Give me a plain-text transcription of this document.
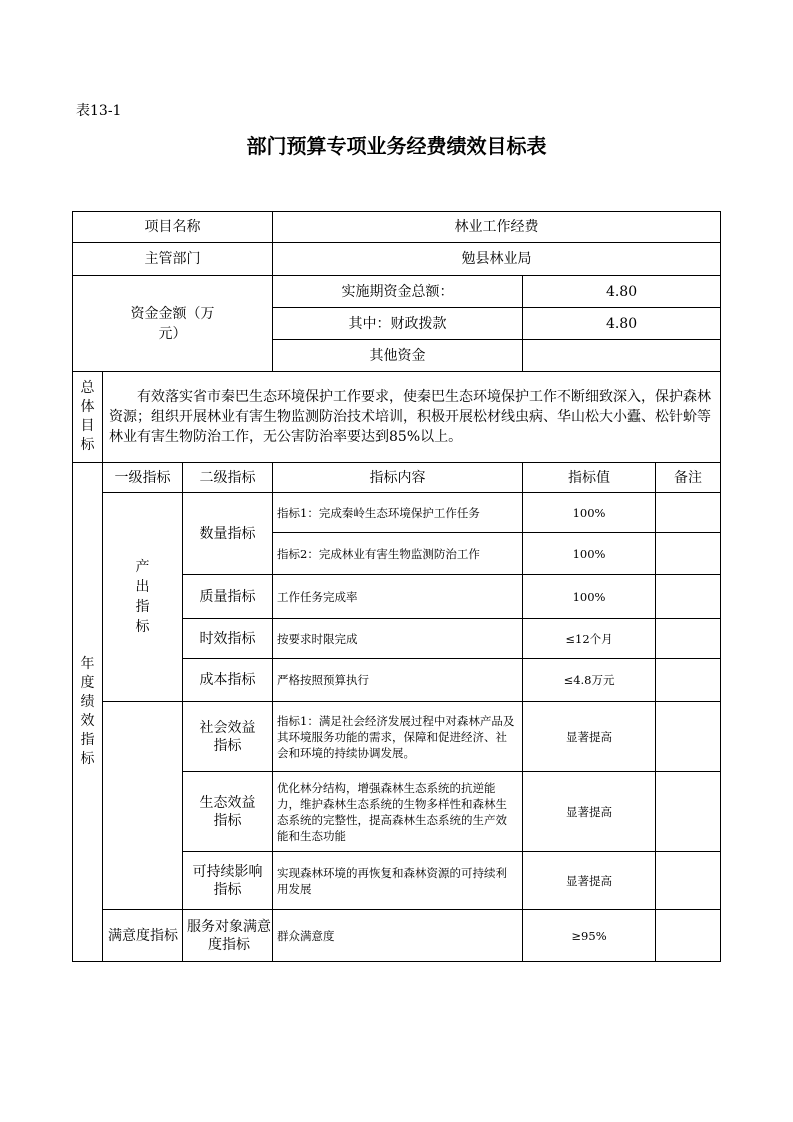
表13-1
部门预算专项业务经费绩效目标表
项目名称			林业工作经费		
主管部门			勉县林业局		

资金金额（万元）			实施期资金总额：	4.80	
			其中：财政拨款	4.80	
			其他资金		

总体目标	有效落实省市秦巴生态环境保护工作要求，使秦巴生态环境保护工作不断细致深入，保护森林资源；组织开展林业有害生物监测防治技术培训，积极开展松材线虫病、华山松大小蠹、松针蚧等林业有害生物防治工作，无公害防治率要达到85%以上。				

年度绩效指标	一级指标	二级指标	指标内容	指标值	备注

	产出指标	数量指标	指标1：完成秦岭生态环境保护工作任务	100%	
			指标2：完成林业有害生物监测防治工作	100%	
		质量指标	工作任务完成率	100%	
		时效指标	按要求时限完成	≤12个月	
		成本指标	严格按照预算执行	≤4.8万元	

		社会效益指标	指标1：满足社会经济发展过程中对森林产品及其环境服务功能的需求，保障和促进经济、社会和环境的持续协调发展。	显著提高	

		生态效益指标	优化林分结构，增强森林生态系统的抗逆能力，维护森林生态系统的生物多样性和森林生态系统的完整性，提高森林生态系统的生产效能和生态功能	显著提高	

		可持续影响指标	实现森林环境的再恢复和森林资源的可持续利用发展	显著提高	

	满意度指标	服务对象满意度指标	群众满意度	≥95%	
